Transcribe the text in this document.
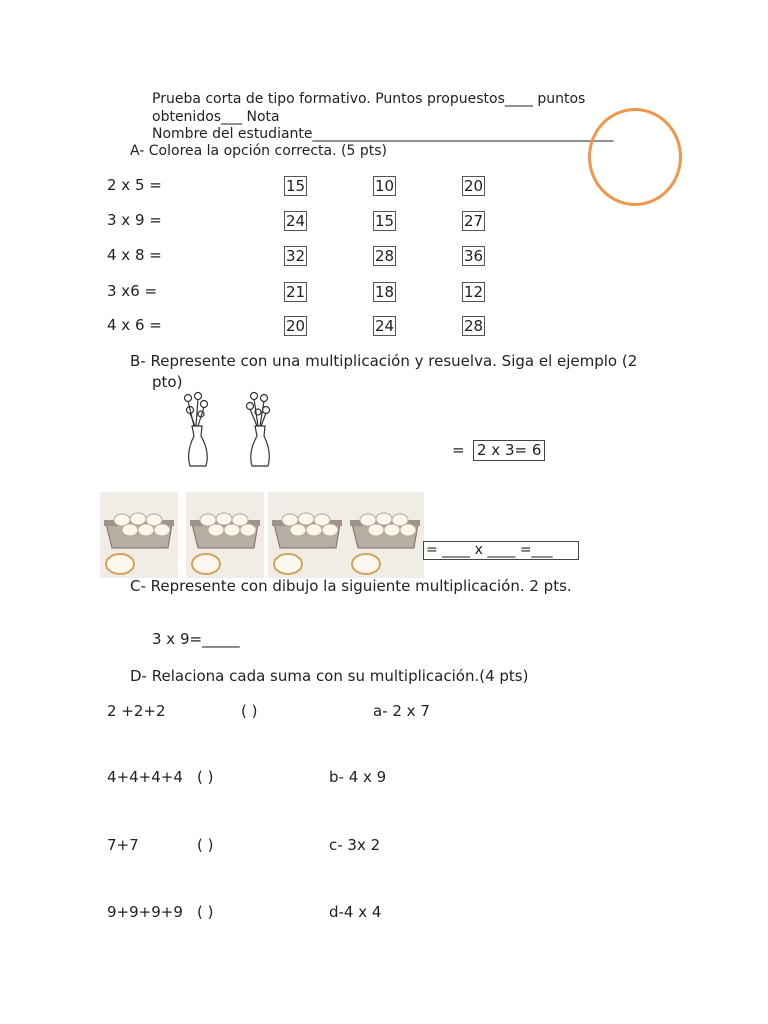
Prueba corta de tipo formativo. Puntos propuestos____ puntos
obtenidos___ Nota
Nombre del estudiante___________________________________________
A- Colorea la opción correcta. (5 pts)
2 x 5 =	15	10	20
3 x 9 =	24	15	27
4 x 8 =	32	28	36
3 x6 =	21	18	12
4 x 6 =	20	24	28
B- Represente con una multiplicación y resuelva. Siga el ejemplo (2
pto)
= 2 x 3= 6
= ____ x ____ =___
C- Represente con dibujo la siguiente multiplicación. 2 pts.
3 x 9=_____
D- Relaciona cada suma con su multiplicación.(4 pts)
2 +2+2	( )	a- 2 x 7
4+4+4+4 ( )	b- 4 x 9
7+7	( )	c- 3x 2
9+9+9+9 ( )	d-4 x 4
